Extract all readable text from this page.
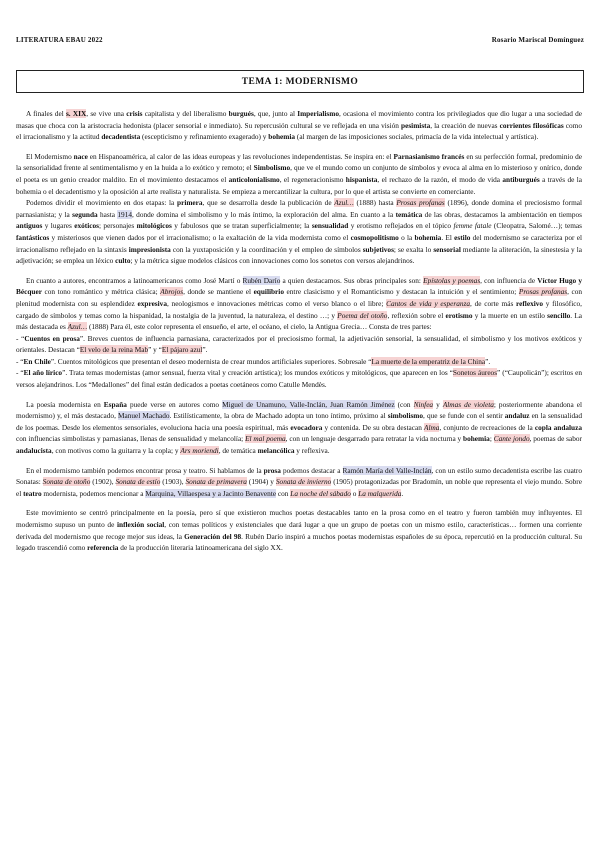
LITERATURA EBAU 2022	Rosario Mariscal Domínguez
TEMA 1: MODERNISMO

A finales del s. XIX, se vive una crisis capitalista y del liberalismo burgués, que, junto al Imperialismo, ocasiona el movimiento contra los privilegiados que dio lugar a una sociedad de masas que choca con la aristocracia hedonista (placer sensorial e inmediato). Su repercusión cultural se ve reflejada en una visión pesimista, la creación de nuevas corrientes filosóficas como el irracionalismo y la actitud decadentista (escepticismo y refinamiento exagerado) y bohemia (al margen de las imposiciones sociales, primacía de la vida intelectual y artística).

El Modernismo nace en Hispanoamérica, al calor de las ideas europeas y las revoluciones independentistas. Se inspira en: el Parnasianismo francés en su perfección formal, predominio de la sensorialidad frente al sentimentalismo y en la huida a lo exótico y remoto; el Simbolismo, que ve el mundo como un conjunto de símbolos y evoca al alma en lo misterioso y onírico, donde el poeta es un genio creador maldito. En el movimiento destacamos el anticolonialismo, el regeneracionismo hispanista, el rechazo de la razón, el modo de vida antiburgués a través de la bohemia o el decadentismo y la oposición al arte realista y naturalista. Se empieza a mercantilizar la cultura, por lo que el artista se convierte en comerciante.

Podemos dividir el movimiento en dos etapas: la primera, que se desarrolla desde la publicación de Azul… (1888) hasta Prosas profanas (1896), donde domina el preciosismo formal parnasianista; y la segunda hasta 1914, donde domina el simbolismo y lo más íntimo, la exploración del alma. En cuanto a la temática de las obras, destacamos la ambientación en tiempos antiguos y lugares exóticos; personajes mitológicos y fabulosos que se tratan superficialmente; la sensualidad y erotismo reflejados en el tópico femme fatale (Cleopatra, Salomé…); temas fantásticos y misteriosos que vienen dados por el irracionalismo; o la exaltación de la vida modernista como el cosmopolitismo o la bohemia. El estilo del modernismo se caracteriza por el irracionalismo reflejado en la sintaxis impresionista con la yuxtaposición y la coordinación y el empleo de símbolos subjetivos; se exalta lo sensorial mediante la aliteración, la sinestesia y la adjetivación; se emplea un léxico culto; y la métrica sigue modelos clásicos con innovaciones como los sonetos con versos alejandrinos.

En cuanto a autores, encontramos a latinoamericanos como José Martí o Rubén Darío a quien destacamos. Sus obras principales son: Epístolas y poemas, con influencia de Víctor Hugo y Bécquer con tono romántico y métrica clásica; Abrojos, donde se mantiene el equilibrio entre clasicismo y el Romanticismo y destacan la intuición y el sentimiento; Prosas profanas, con plenitud modernista con su esplendidez expresiva, neologismos e innovaciones métricas como el verso blanco o el libre; Cantos de vida y esperanza, de corte más reflexivo y filosófico, cargado de símbolos y temas como la hispanidad, la nostalgia de la juventud, la naturaleza, el destino …; y Poema del otoño, reflexión sobre el erotismo y la muerte en un estilo sencillo. La más destacada es Azul… (1888) Para él, este color representa el ensueño, el arte, el océano, el cielo, la Antigua Grecia… Consta de tres partes:

- “Cuentos en prosa”. Breves cuentos de influencia parnasiana, caracterizados por el preciosismo formal, la adjetivación sensorial, la sensualidad, el simbolismo y los motivos exóticos y orientales. Destacan “El velo de la reina Mab” y “El pájaro azul”.

- “En Chile”. Cuentos mitológicos que presentan el deseo modernista de crear mundos artificiales superiores. Sobresale “La muerte de la emperatriz de la China”.

- “El año lírico”. Trata temas modernistas (amor sensual, fuerza vital y creación artística); los mundos exóticos y mitológicos, que aparecen en los “Sonetos áureos” (“Caupolicán”); escritos en versos alejandrinos. Los “Medallones” del final están dedicados a poetas coetáneos como Catulle Mendès.

La poesía modernista en España puede verse en autores como Miguel de Unamuno, Valle-Inclán, Juan Ramón Jiménez (con Ninfea y Almas de violeta; posteriormente abandona el modernismo) y, el más destacado, Manuel Machado. Estilísticamente, la obra de Machado adopta un tono íntimo, próximo al simbolismo, que se funde con el sentir andaluz en la sensualidad de los poemas. Desde los elementos sensoriales, evoluciona hacia una poesía espiritual, más evocadora y contenida. De su obra destacan Alma, conjunto de recreaciones de la copla andaluza con influencias simbolistas y parnasianas, llenas de sensualidad y melancolía; El mal poema, con un lenguaje desgarrado para retratar la vida nocturna y bohemia; Cante jondo, poemas de sabor andalucista, con motivos como la guitarra y la copla; y Ars moriendi, de temática melancólica y reflexiva.

En el modernismo también podemos encontrar prosa y teatro. Si hablamos de la prosa podemos destacar a Ramón María del Valle-Inclán, con un estilo sumo decadentista escribe las cuatro Sonatas: Sonata de otoño (1902), Sonata de estío (1903), Sonata de primavera (1904) y Sonata de invierno (1905) protagonizadas por Bradomín, un noble que representa el viejo mundo. Sobre el teatro modernista, podemos mencionar a Marquina, Villaespesa y a Jacinto Benavente con La noche del sábado o La malquerida.

Este movimiento se centró principalmente en la poesía, pero sí que existieron muchos poetas destacables tanto en la prosa como en el teatro y fueron también muy influyentes. El modernismo supuso un punto de inflexión social, con temas políticos y existenciales que dará lugar a que un grupo de poetas con un mismo estilo, características… formen una corriente derivada del modernismo que recoge mejor sus ideas, la Generación del 98. Rubén Darío inspiró a muchos poetas modernistas españoles de su época, repercutió en la producción cultural. Su legado trascendió como referencia de la producción literaria latinoamericana del siglo XX.
